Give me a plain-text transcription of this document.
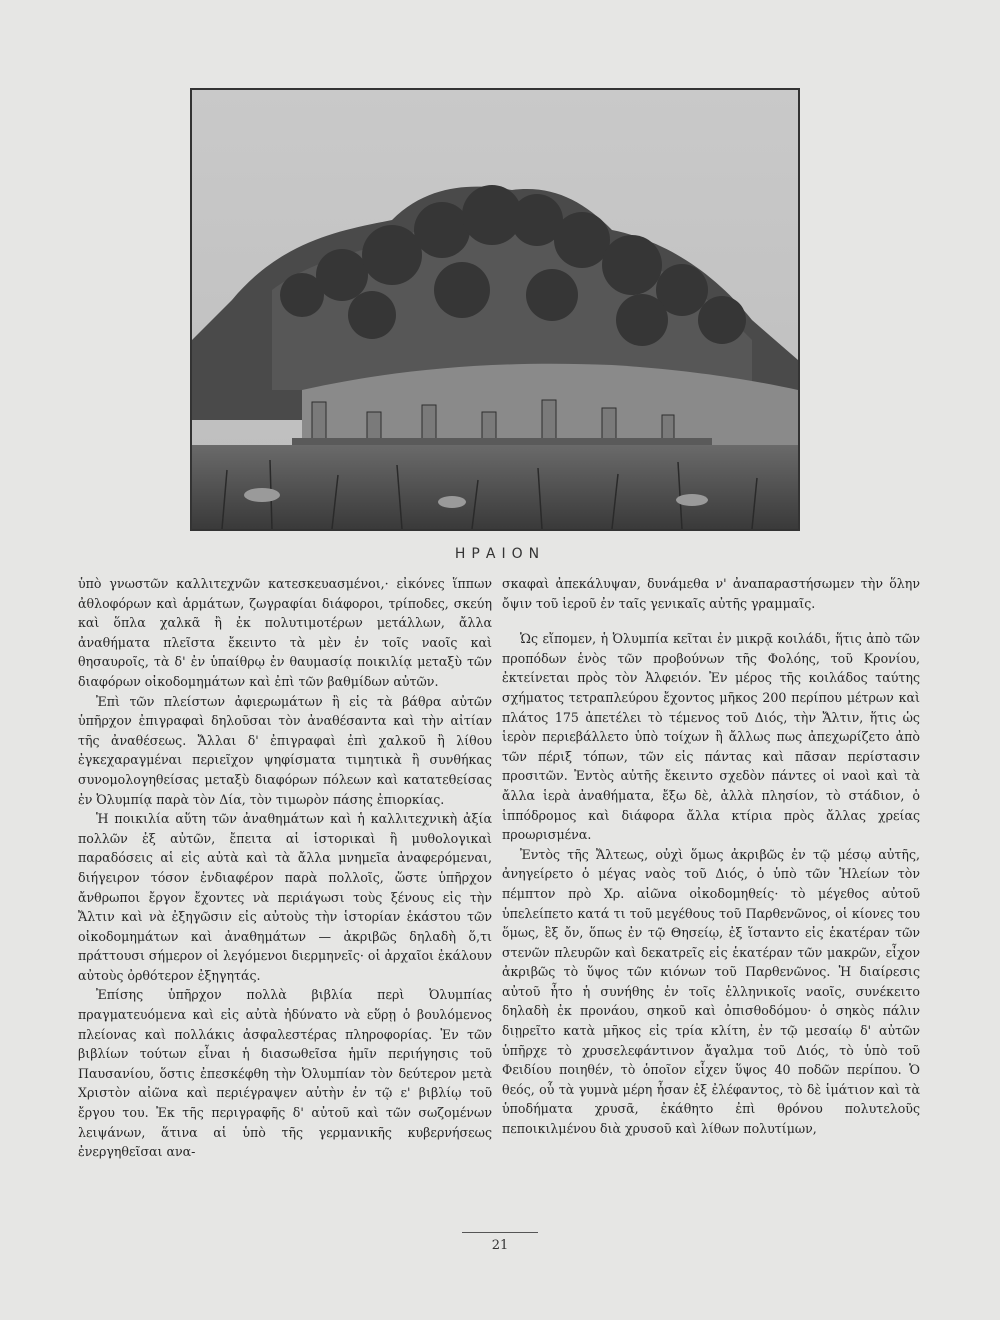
ΗΡΑΙΟΝ

ὑπὸ γνωστῶν καλλιτεχνῶν κατεσκευασμένοι,· εἰκόνες ἵππων ἀθλοφόρων καὶ ἁρμάτων, ζωγραφίαι διάφοροι, τρίποδες, σκεύη καὶ ὅπλα χαλκᾶ ἢ ἐκ πολυτιμοτέρων μετάλλων, ἄλλα ἀναθήματα πλεῖστα ἔκειντο τὰ μὲν ἐν τοῖς ναοῖς καὶ θησαυροῖς, τὰ δ' ἐν ὑπαίθρῳ ἐν θαυμασίᾳ ποικιλίᾳ μεταξὺ τῶν διαφόρων οἰκοδομημάτων καὶ ἐπὶ τῶν βαθμίδων αὐτῶν.

Ἐπὶ τῶν πλείστων ἀφιερωμάτων ἢ εἰς τὰ βάθρα αὐτῶν ὑπῆρχον ἐπιγραφαὶ δηλοῦσαι τὸν ἀναθέσαντα καὶ τὴν αἰτίαν τῆς ἀναθέσεως. Ἄλλαι δ' ἐπιγραφαὶ ἐπὶ χαλκοῦ ἢ λίθου ἐγκεχαραγμέναι περιεῖχον ψηφίσματα τιμητικὰ ἢ συνθήκας συνομολογηθείσας μεταξὺ διαφόρων πόλεων καὶ κατατεθείσας ἐν Ὀλυμπίᾳ παρὰ τὸν Δία, τὸν τιμωρὸν πάσης ἐπιορκίας.

Ἡ ποικιλία αὕτη τῶν ἀναθημάτων καὶ ἡ καλλιτεχνικὴ ἀξία πολλῶν ἐξ αὐτῶν, ἔπειτα αἱ ἱστορικαὶ ἢ μυθολογικαὶ παραδόσεις αἱ εἰς αὐτὰ καὶ τὰ ἄλλα μνημεῖα ἀναφερόμεναι, διήγειρον τόσον ἐνδιαφέρον παρὰ πολλοῖς, ὥστε ὑπῆρχον ἄνθρωποι ἔργον ἔχοντες νὰ περιάγωσι τοὺς ξένους εἰς τὴν Ἄλτιν καὶ νὰ ἐξηγῶσιν εἰς αὐτοὺς τὴν ἱστορίαν ἑκάστου τῶν οἰκοδομημάτων καὶ ἀναθημάτων — ἀκριβῶς δηλαδὴ ὅ,τι πράττουσι σήμερον οἱ λεγόμενοι διερμηνεῖς· οἱ ἀρχαῖοι ἐκάλουν αὐτοὺς ὀρθότερον ἐξηγητάς.

Ἐπίσης ὑπῆρχον πολλὰ βιβλία περὶ Ὀλυμπίας πραγματευόμενα καὶ εἰς αὐτὰ ἠδύνατο νὰ εὕρῃ ὁ βουλόμενος πλείονας καὶ πολλάκις ἀσφαλεστέρας πληροφορίας. Ἐν τῶν βιβλίων τούτων εἶναι ἡ διασωθεῖσα ἡμῖν περιήγησις τοῦ Παυσανίου, ὅστις ἐπεσκέφθη τὴν Ὀλυμπίαν τὸν δεύτερον μετὰ Χριστὸν αἰῶνα καὶ περιέγραψεν αὐτὴν ἐν τῷ ε' βιβλίῳ τοῦ ἔργου του. Ἐκ τῆς περιγραφῆς δ' αὐτοῦ καὶ τῶν σωζομένων λειψάνων, ἅτινα αἱ ὑπὸ τῆς γερμανικῆς κυβερνήσεως ἐνεργηθεῖσαι ανα-

σκαφαὶ ἀπεκάλυψαν, δυνάμεθα ν' ἀναπαραστήσωμεν τὴν ὅλην ὄψιν τοῦ ἱεροῦ ἐν ταῖς γενικαῖς αὐτῆς γραμμαῖς.

Ὡς εἴπομεν, ἡ Ὀλυμπία κεῖται ἐν μικρᾷ κοιλάδι, ἥτις ἀπὸ τῶν προπόδων ἑνὸς τῶν προβούνων τῆς Φολόης, τοῦ Κρονίου, ἐκτείνεται πρὸς τὸν Ἀλφειόν. Ἐν μέρος τῆς κοιλάδος ταύτης σχήματος τετραπλεύρου ἔχοντος μῆκος 200 περίπου μέτρων καὶ πλάτος 175 ἀπετέλει τὸ τέμενος τοῦ Διός, τὴν Ἄλτιν, ἥτις ὡς ἱερὸν περιεβάλλετο ὑπὸ τοίχων ἢ ἄλλως πως ἀπεχωρίζετο ἀπὸ τῶν πέριξ τόπων, τῶν εἰς πάντας καὶ πᾶσαν περίστασιν προσιτῶν. Ἐντὸς αὐτῆς ἔκειντο σχεδὸν πάντες οἱ ναοὶ καὶ τὰ ἄλλα ἱερὰ ἀναθήματα, ἔξω δὲ, ἀλλὰ πλησίον, τὸ στάδιον, ὁ ἱππόδρομος καὶ διάφορα ἄλλα κτίρια πρὸς ἄλλας χρείας προωρισμένα.

Ἐντὸς τῆς Ἄλτεως, οὐχὶ ὅμως ἀκριβῶς ἐν τῷ μέσῳ αὐτῆς, ἀνηγείρετο ὁ μέγας ναὸς τοῦ Διός, ὁ ὑπὸ τῶν Ἠλείων τὸν πέμπτον πρὸ Χρ. αἰῶνα οἰκοδομηθείς· τὸ μέγεθος αὐτοῦ ὑπελείπετο κατά τι τοῦ μεγέθους τοῦ Παρθενῶνος, οἱ κίονες του ὅμως, ἓξ ὄν, ὅπως ἐν τῷ Θησείῳ, ἐξ ἵσταντο εἰς ἑκατέραν τῶν στενῶν πλευρῶν καὶ δεκατρεῖς εἰς ἑκατέραν τῶν μακρῶν, εἶχον ἀκριβῶς τὸ ὕψος τῶν κιόνων τοῦ Παρθενῶνος. Ἡ διαίρεσις αὐτοῦ ἦτο ἡ συνήθης ἐν τοῖς ἑλληνικοῖς ναοῖς, συνέκειτο δηλαδὴ ἐκ προνάου, σηκοῦ καὶ ὀπισθοδόμου· ὁ σηκὸς πάλιν διῃρεῖτο κατὰ μῆκος εἰς τρία κλίτη, ἐν τῷ μεσαίῳ δ' αὐτῶν ὑπῆρχε τὸ χρυσελεφάντινον ἄγαλμα τοῦ Διός, τὸ ὑπὸ τοῦ Φειδίου ποιηθέν, τὸ ὁποῖον εἶχεν ὕψος 40 ποδῶν περίπου. Ὁ θεός, οὗ τὰ γυμνὰ μέρη ἦσαν ἐξ ἐλέφαντος, τὸ δὲ ἱμάτιον καὶ τὰ ὑποδήματα χρυσᾶ, ἐκάθητο ἐπὶ θρόνου πολυτελοῦς πεποικιλμένου διὰ χρυσοῦ καὶ λίθων πολυτίμων,

21
